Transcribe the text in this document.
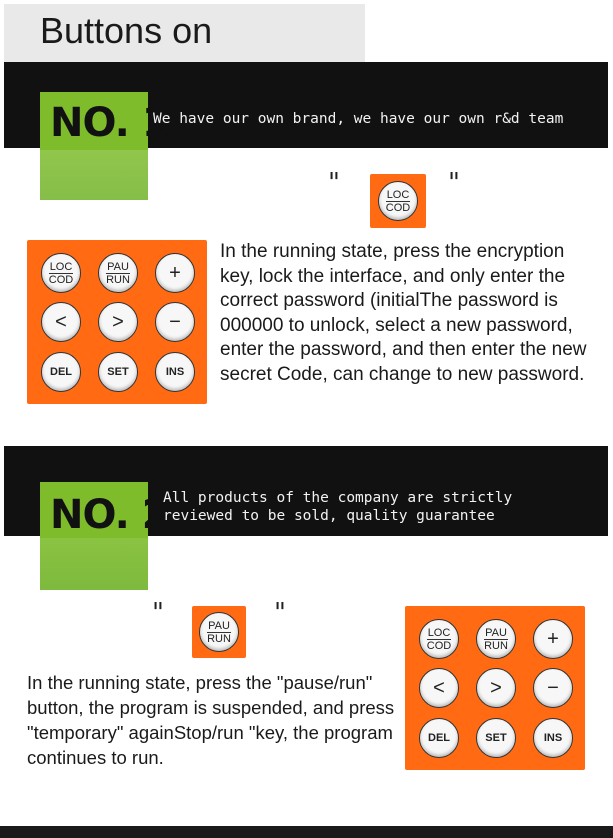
Buttons on
NO. 1
We have our own brand, we have our own r&d team
"	LOC
COD
"
LOC
COD
PAU
RUN +
< > −
DEL	SET	INS
In the running state, press the encryption key, lock the interface, and only enter the correct password (initialThe password is 000000 to unlock, select a new password, enter the password, and then enter the new secret Code, can change to new password.
NO. 2
All products of the company are strictly
reviewed to be sold, quality guarantee
"	PAU
RUN
"
LOC
COD
PAU
RUN +
< > −
DEL	SET	INS
In the running state, press the "pause/run" button, the program is suspended, and press "temporary" againStop/run "key, the program continues to run.
